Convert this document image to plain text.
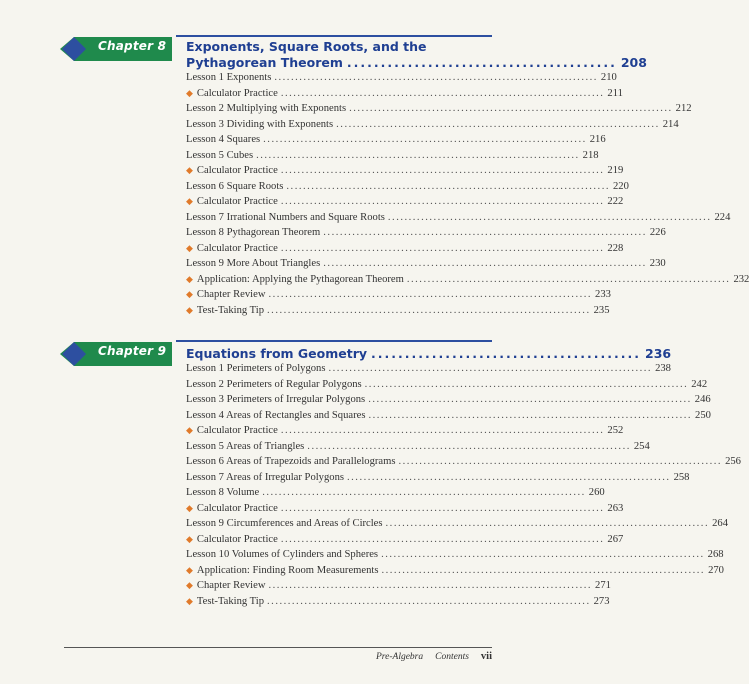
Chapter 8 Exponents, Square Roots, and the
Pythagorean Theorem ........................................ 208
Lesson 1 Exponents .............................................................................. 210
◆ Calculator Practice .............................................................................. 211
Lesson 2 Multiplying with Exponents .............................................................................. 212
Lesson 3 Dividing with Exponents .............................................................................. 214
Lesson 4 Squares .............................................................................. 216
Lesson 5 Cubes .............................................................................. 218
◆ Calculator Practice .............................................................................. 219
Lesson 6 Square Roots .............................................................................. 220
◆ Calculator Practice .............................................................................. 222
Lesson 7 Irrational Numbers and Square Roots .............................................................................. 224
Lesson 8 Pythagorean Theorem .............................................................................. 226
◆ Calculator Practice .............................................................................. 228
Lesson 9 More About Triangles .............................................................................. 230
◆ Application: Applying the Pythagorean Theorem .............................................................................. 232
◆ Chapter Review .............................................................................. 233
◆ Test-Taking Tip .............................................................................. 235
Chapter 9 Equations from Geometry ........................................ 236
Lesson 1 Perimeters of Polygons .............................................................................. 238
Lesson 2 Perimeters of Regular Polygons .............................................................................. 242
Lesson 3 Perimeters of Irregular Polygons .............................................................................. 246
Lesson 4 Areas of Rectangles and Squares .............................................................................. 250
◆ Calculator Practice .............................................................................. 252
Lesson 5 Areas of Triangles .............................................................................. 254
Lesson 6 Areas of Trapezoids and Parallelograms .............................................................................. 256
Lesson 7 Areas of Irregular Polygons .............................................................................. 258
Lesson 8 Volume .............................................................................. 260
◆ Calculator Practice .............................................................................. 263
Lesson 9 Circumferences and Areas of Circles .............................................................................. 264
◆ Calculator Practice .............................................................................. 267
Lesson 10 Volumes of Cylinders and Spheres .............................................................................. 268
◆ Application: Finding Room Measurements .............................................................................. 270
◆ Chapter Review .............................................................................. 271
◆ Test-Taking Tip .............................................................................. 273
Pre-Algebra Contents vii
